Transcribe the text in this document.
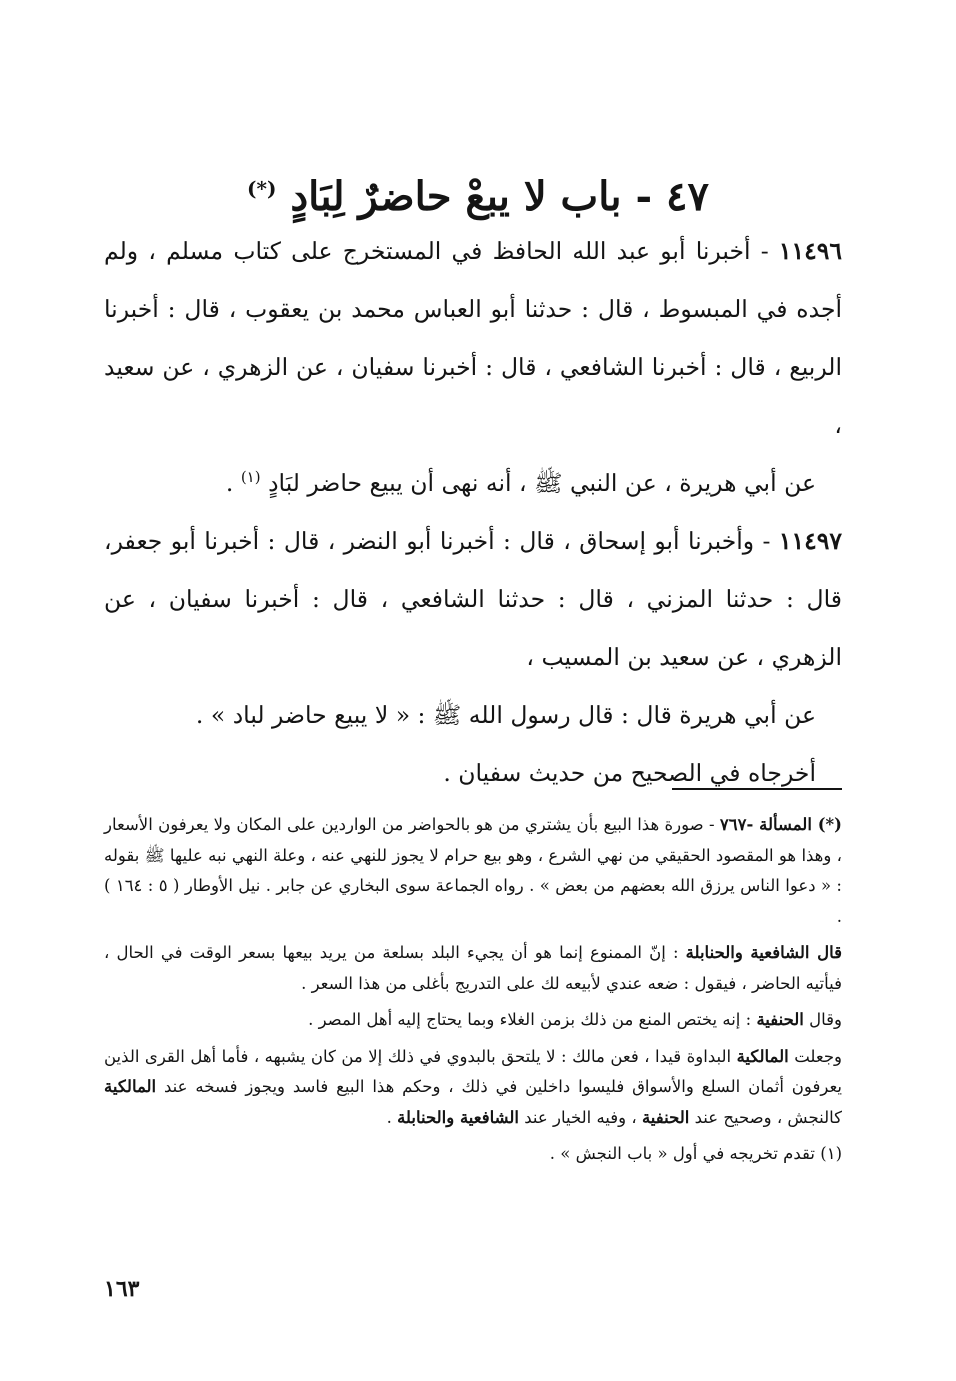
٤٧ - باب لا يبعْ حاضرٌ لِبَادٍ (*)

١١٤٩٦ - أخبرنا أبو عبد الله الحافظ في المستخرج على كتاب مسلم ، ولم أجده في المبسوط ، قال : حدثنا أبو العباس محمد بن يعقوب ، قال : أخبرنا الربيع ، قال : أخبرنا الشافعي ، قال : أخبرنا سفيان ، عن الزهري ، عن سعيد ،

عن أبي هريرة ، عن النبي ﷺ ، أنه نهى أن يبيع حاضر لبَادٍ $^{(١)}$ .

١١٤٩٧ - وأخبرنا أبو إسحاق ، قال : أخبرنا أبو النضر ، قال : أخبرنا أبو جعفر، قال : حدثنا المزني ، قال : حدثنا الشافعي ، قال : أخبرنا سفيان ، عن الزهري ، عن سعيد بن المسيب ،

عن أبي هريرة قال : قال رسول الله ﷺ : « لا يبيع حاضر لباد » .

أخرجاه في الصحيح من حديث سفيان .

(*) المسألة -٧٦٧ - صورة هذا البيع بأن يشتري من هو بالحواضر من الواردين على المكان ولا يعرفون الأسعار ، وهذا هو المقصود الحقيقي من نهي الشرع ، وهو بيع حرام لا يجوز للنهي عنه ، وعلة النهي نبه عليها ﷺ بقوله : « دعوا الناس يرزق الله بعضهم من بعض » . رواه الجماعة سوى البخاري عن جابر . نيل الأوطار ( ٥ : ١٦٤ ) .

قال الشافعية والحنابلة : إنّ الممنوع إنما هو أن يجيء البلد بسلعة من يريد بيعها بسعر الوقت في الحال ، فيأتيه الحاضر ، فيقول : ضعه عندي لأبيعه لك على التدريج بأغلى من هذا السعر .

وقال الحنفية : إنه يختص المنع من ذلك بزمن الغلاء وبما يحتاج إليه أهل المصر .

وجعلت المالكية البداوة قيدا ، فعن مالك : لا يلتحق بالبدوي في ذلك إلا من كان يشبهه ، فأما أهل القرى الذين يعرفون أثمان السلع والأسواق فليسوا داخلين في ذلك ، وحكم هذا البيع فاسد ويجوز فسخه عند المالكية كالنجش ، وصحيح عند الحنفية ، وفيه الخيار عند الشافعية والحنابلة .

(١) تقدم تخريجه في أول « باب النجش » .

١٦٣
